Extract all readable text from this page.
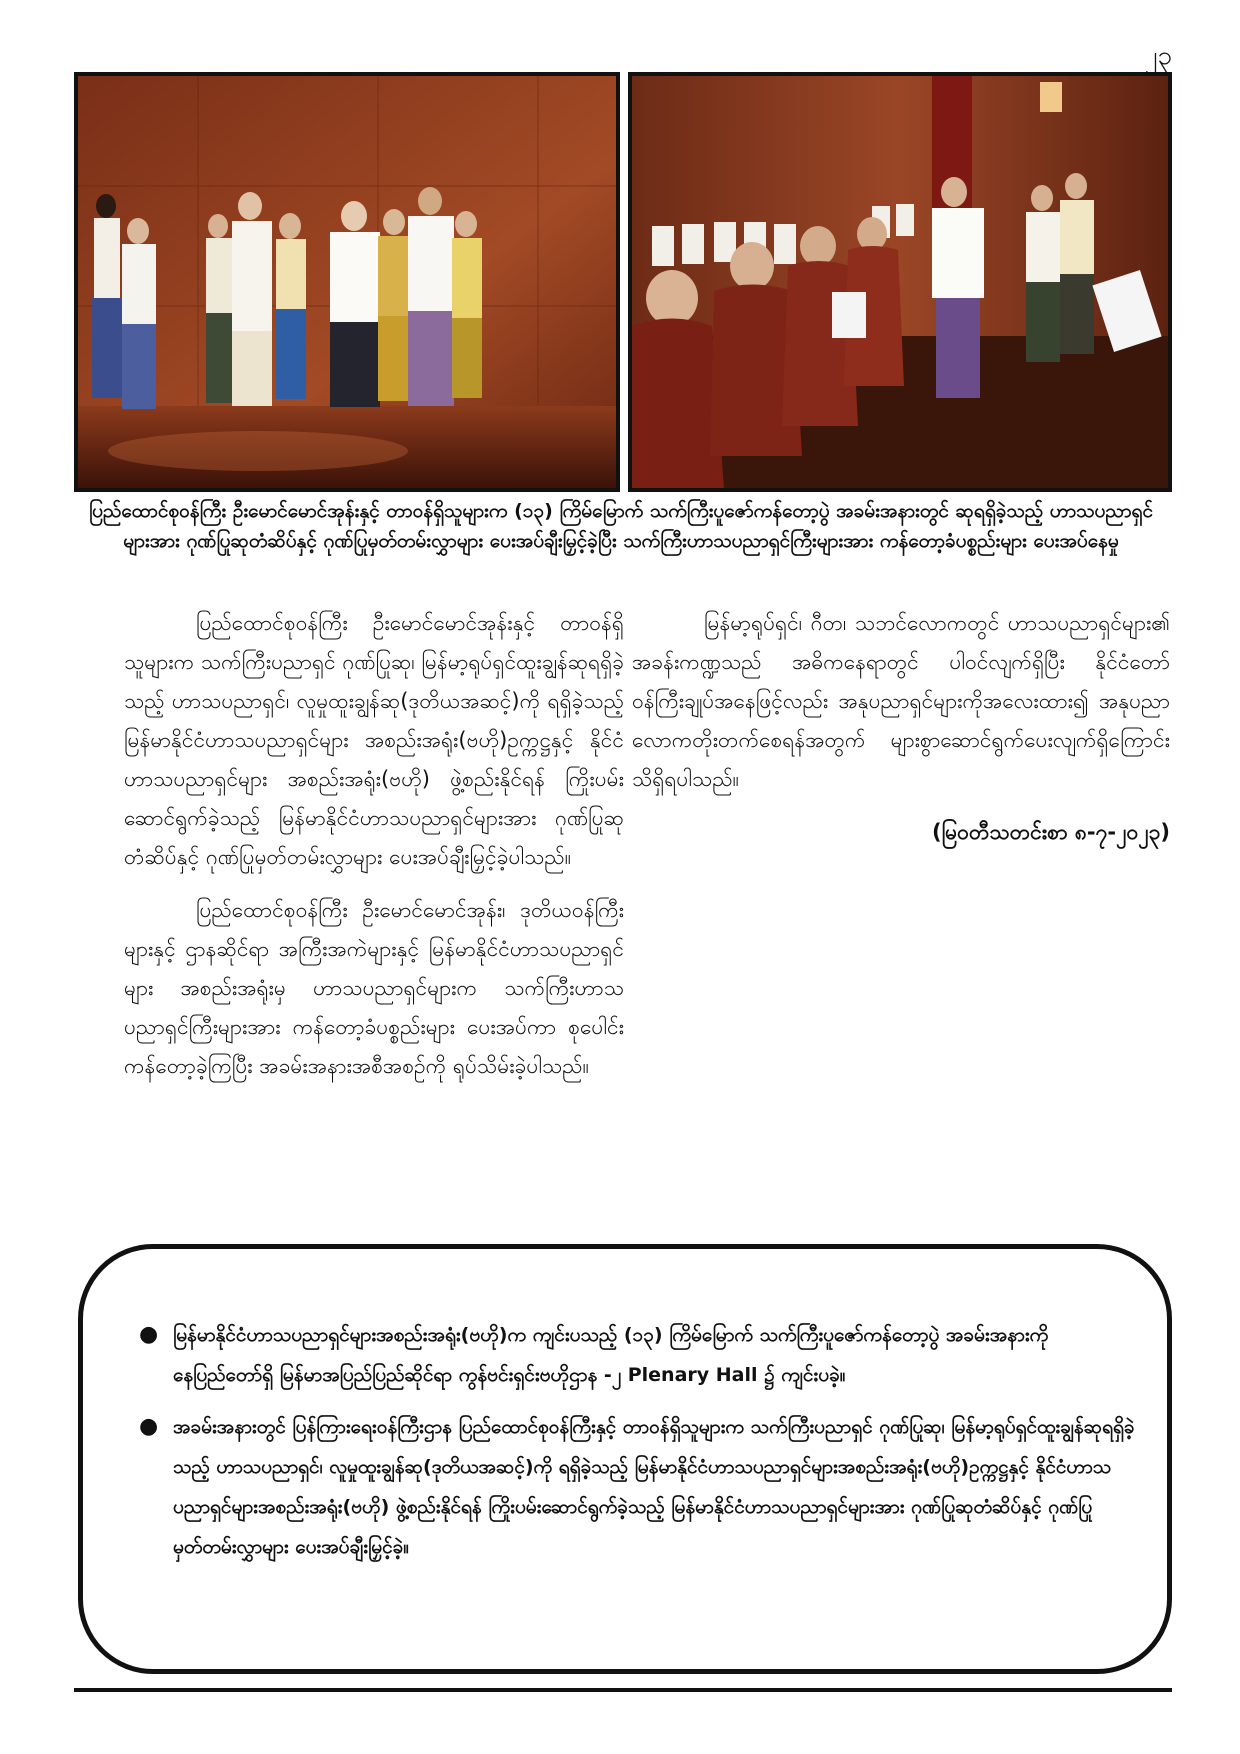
၂၃
ပြည်ထောင်စုဝန်ကြီး ဦးမောင်မောင်အုန်းနှင့် တာဝန်ရှိသူများက (၁၃) ကြိမ်မြောက် သက်ကြီးပူဇော်ကန်တော့ပွဲ အခမ်းအနားတွင် ဆုရရှိခဲ့သည့် ဟာသပညာရှင်များအား ဂုဏ်ပြုဆုတံဆိပ်နှင့် ဂုဏ်ပြုမှတ်တမ်းလွှာများ ပေးအပ်ချီးမြှင့်ခဲ့ပြီး သက်ကြီးဟာသပညာရှင်ကြီးများအား ကန်တော့ခံပစ္စည်းများ ပေးအပ်နေမှု

ပြည်ထောင်စုဝန်ကြီး ဦးမောင်မောင်အုန်းနှင့် တာဝန်ရှိသူများက သက်ကြီးပညာရှင် ဂုဏ်ပြုဆု၊ မြန်မာ့ရုပ်ရှင်ထူးချွန်ဆုရရှိခဲ့သည့် ဟာသပညာရှင်၊ လူမှုထူးချွန်ဆု(ဒုတိယအဆင့်)ကို ရရှိခဲ့သည့် မြန်မာနိုင်ငံဟာသပညာရှင်များ အစည်းအရုံး(ဗဟို)ဥက္ကဋ္ဌနှင့် နိုင်ငံဟာသပညာရှင်များ အစည်းအရုံး(ဗဟို) ဖွဲ့စည်းနိုင်ရန် ကြိုးပမ်းဆောင်ရွက်ခဲ့သည့် မြန်မာနိုင်ငံဟာသပညာရှင်များအား ဂုဏ်ပြုဆုတံဆိပ်နှင့် ဂုဏ်ပြုမှတ်တမ်းလွှာများ ပေးအပ်ချီးမြှင့်ခဲ့ပါသည်။

ပြည်ထောင်စုဝန်ကြီး ဦးမောင်မောင်အုန်း၊ ဒုတိယဝန်ကြီးများနှင့် ဌာနဆိုင်ရာ အကြီးအကဲများနှင့် မြန်မာနိုင်ငံဟာသပညာရှင်များ အစည်းအရုံးမှ ဟာသပညာရှင်များက သက်ကြီးဟာသပညာရှင်ကြီးများအား ကန်တော့ခံပစ္စည်းများ ပေးအပ်ကာ စုပေါင်းကန်တော့ခဲ့ကြပြီး အခမ်းအနားအစီအစဉ်ကို ရုပ်သိမ်းခဲ့ပါသည်။

မြန်မာ့ရုပ်ရှင်၊ ဂီတ၊ သဘင်လောကတွင် ဟာသပညာရှင်များ၏ အခန်းကဏ္ဍသည် အဓိကနေရာတွင် ပါဝင်လျက်ရှိပြီး နိုင်ငံတော်ဝန်ကြီးချုပ်အနေဖြင့်လည်း အနုပညာရှင်များကိုအလေးထား၍ အနုပညာလောကတိုးတက်စေရန်အတွက် များစွာဆောင်ရွက်ပေးလျက်ရှိကြောင်း သိရှိရပါသည်။

(မြဝတီသတင်းစာ ၈-၇-၂၀၂၃)
● မြန်မာနိုင်ငံဟာသပညာရှင်များအစည်းအရုံး(ဗဟို)က ကျင်းပသည့် (၁၃) ကြိမ်မြောက် သက်ကြီးပူဇော်ကန်တော့ပွဲ အခမ်းအနားကို နေပြည်တော်ရှိ မြန်မာအပြည်ပြည်ဆိုင်ရာ ကွန်ဗင်းရှင်းဗဟိုဌာန -၂ Plenary Hall ၌ ကျင်းပခဲ့။
● အခမ်းအနားတွင် ပြန်ကြားရေးဝန်ကြီးဌာန ပြည်ထောင်စုဝန်ကြီးနှင့် တာဝန်ရှိသူများက သက်ကြီးပညာရှင် ဂုဏ်ပြုဆု၊ မြန်မာ့ရုပ်ရှင်ထူးချွန်ဆုရရှိခဲ့သည့် ဟာသပညာရှင်၊ လူမှုထူးချွန်ဆု(ဒုတိယအဆင့်)ကို ရရှိခဲ့သည့် မြန်မာနိုင်ငံဟာသပညာရှင်များအစည်းအရုံး(ဗဟို)ဥက္ကဋ္ဌနှင့် နိုင်ငံဟာသပညာရှင်များအစည်းအရုံး(ဗဟို) ဖွဲ့စည်းနိုင်ရန် ကြိုးပမ်းဆောင်ရွက်ခဲ့သည့် မြန်မာနိုင်ငံဟာသပညာရှင်များအား ဂုဏ်ပြုဆုတံဆိပ်နှင့် ဂုဏ်ပြုမှတ်တမ်းလွှာများ ပေးအပ်ချီးမြှင့်ခဲ့။
